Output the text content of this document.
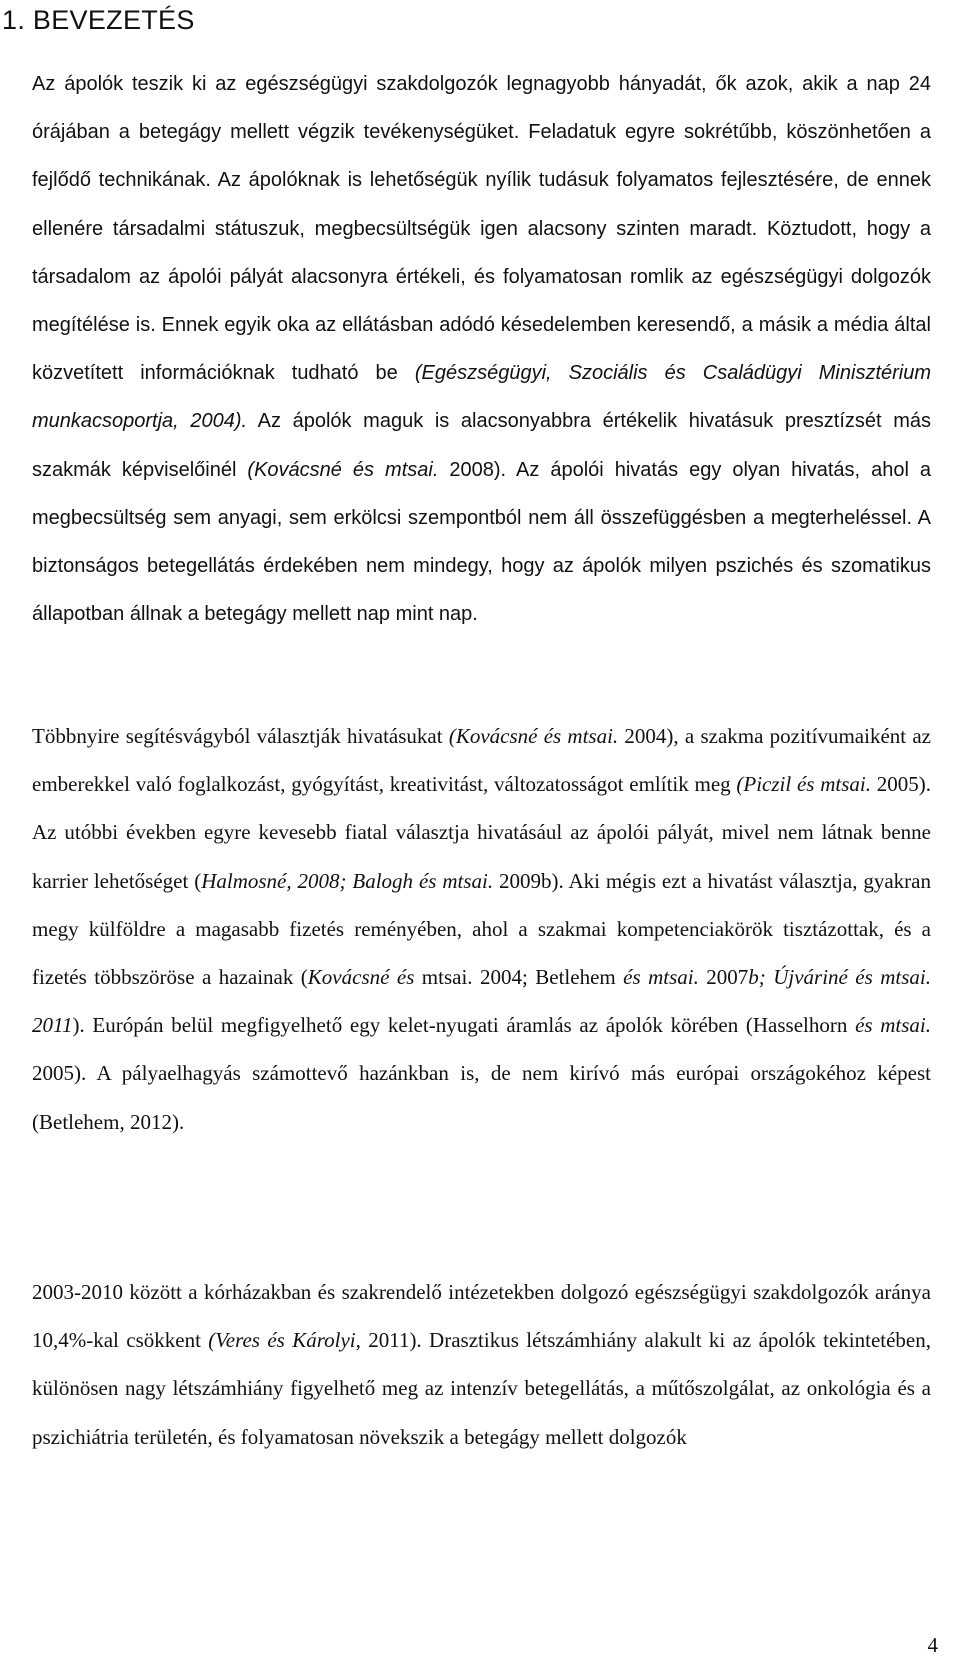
1. BEVEZETÉS

Az ápolók teszik ki az egészségügyi szakdolgozók legnagyobb hányadát, ők azok, akik a nap 24 órájában a betegágy mellett végzik tevékenységüket. Feladatuk egyre sokrétűbb, köszönhetően a fejlődő technikának. Az ápolóknak is lehetőségük nyílik tudásuk folyamatos fejlesztésére, de ennek ellenére társadalmi státuszuk, megbecsültségük igen alacsony szinten maradt. Köztudott, hogy a társadalom az ápolói pályát alacsonyra értékeli, és folyamatosan romlik az egészségügyi dolgozók megítélése is. Ennek egyik oka az ellátásban adódó késedelemben keresendő, a másik a média által közvetített információknak tudható be (Egészségügyi, Szociális és Családügyi Minisztérium munkacsoportja, 2004). Az ápolók maguk is alacsonyabbra értékelik hivatásuk presztízsét más szakmák képviselőinél (Kovácsné és mtsai. 2008). Az ápolói hivatás egy olyan hivatás, ahol a megbecsültség sem anyagi, sem erkölcsi szempontból nem áll összefüggésben a megterheléssel. A biztonságos betegellátás érdekében nem mindegy, hogy az ápolók milyen pszichés és szomatikus állapotban állnak a betegágy mellett nap mint nap.

Többnyire segítésvágyból választják hivatásukat (Kovácsné és mtsai. 2004), a szakma pozitívumaiként az emberekkel való foglalkozást, gyógyítást, kreativitást, változatosságot említik meg (Piczil és mtsai. 2005). Az utóbbi években egyre kevesebb fiatal választja hivatásául az ápolói pályát, mivel nem látnak benne karrier lehetőséget (Halmosné, 2008; Balogh és mtsai. 2009b). Aki mégis ezt a hivatást választja, gyakran megy külföldre a magasabb fizetés reményében, ahol a szakmai kompetenciakörök tisztázottak, és a fizetés többszöröse a hazainak (Kovácsné és mtsai. 2004; Betlehem és mtsai. 2007b; Újváriné és mtsai. 2011). Európán belül megfigyelhető egy kelet-nyugati áramlás az ápolók körében (Hasselhorn és mtsai. 2005). A pályaelhagyás számottevő hazánkban is, de nem kirívó más európai országokéhoz képest (Betlehem, 2012).

2003-2010 között a kórházakban és szakrendelő intézetekben dolgozó egészségügyi szakdolgozók aránya 10,4%-kal csökkent (Veres és Károlyi, 2011). Drasztikus létszámhiány alakult ki az ápolók tekintetében, különösen nagy létszámhiány figyelhető meg az intenzív betegellátás, a műtőszolgálat, az onkológia és a pszichiátria területén, és folyamatosan növekszik a betegágy mellett dolgozók

4
